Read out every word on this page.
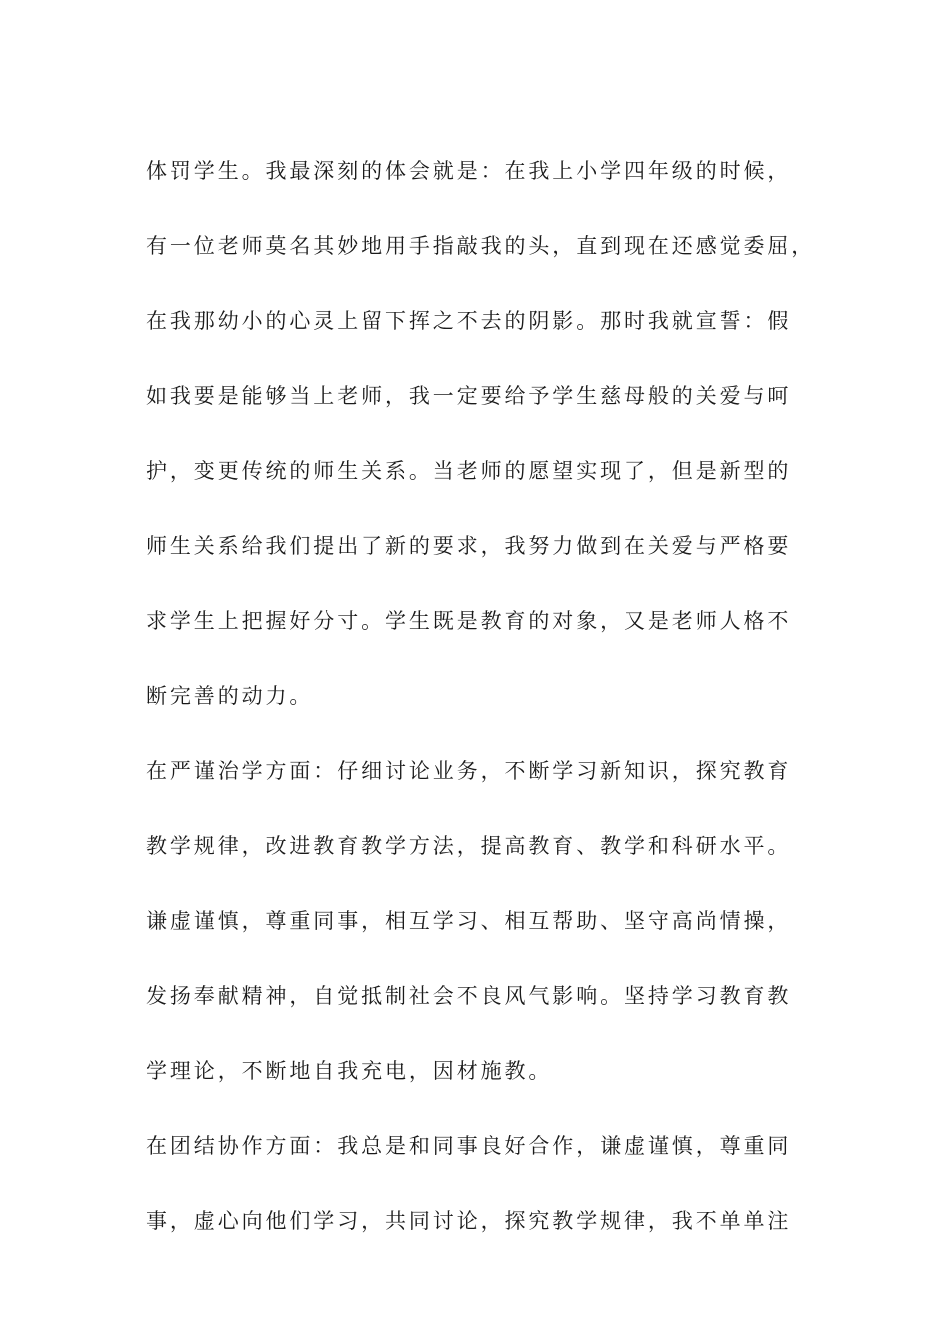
体罚学生。我最深刻的体会就是：在我上小学四年级的时候，

有一位老师莫名其妙地用手指敲我的头，直到现在还感觉委屈，

在我那幼小的心灵上留下挥之不去的阴影。那时我就宣誓：假

如我要是能够当上老师，我一定要给予学生慈母般的关爱与呵

护，变更传统的师生关系。当老师的愿望实现了，但是新型的

师生关系给我们提出了新的要求，我努力做到在关爱与严格要

求学生上把握好分寸。学生既是教育的对象，又是老师人格不

断完善的动力。

在严谨治学方面：仔细讨论业务，不断学习新知识，探究教育

教学规律，改进教育教学方法，提高教育、教学和科研水平。

谦虚谨慎，尊重同事，相互学习、相互帮助、坚守高尚情操，

发扬奉献精神，自觉抵制社会不良风气影响。坚持学习教育教

学理论，不断地自我充电，因材施教。

在团结协作方面：我总是和同事良好合作，谦虚谨慎，尊重同

事，虚心向他们学习，共同讨论，探究教学规律，我不单单注
